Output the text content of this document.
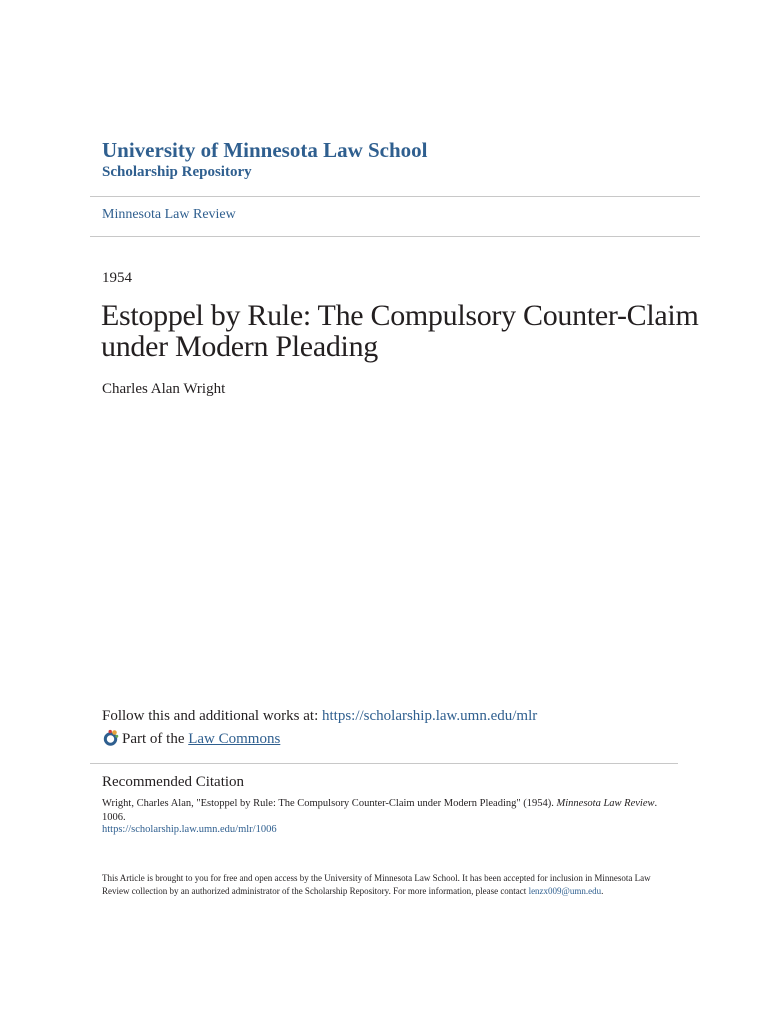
University of Minnesota Law School
Scholarship Repository
Minnesota Law Review
1954
Estoppel by Rule: The Compulsory Counter-Claim under Modern Pleading
Charles Alan Wright
Follow this and additional works at: https://scholarship.law.umn.edu/mlr
Part of the
Law Commons
Recommended Citation
Wright, Charles Alan, "Estoppel by Rule: The Compulsory Counter-Claim under Modern Pleading" (1954). Minnesota Law Review. 1006.
https://scholarship.law.umn.edu/mlr/1006
This Article is brought to you for free and open access by the University of Minnesota Law School. It has been accepted for inclusion in Minnesota Law Review collection by an authorized administrator of the Scholarship Repository. For more information, please contact lenzx009@umn.edu.
